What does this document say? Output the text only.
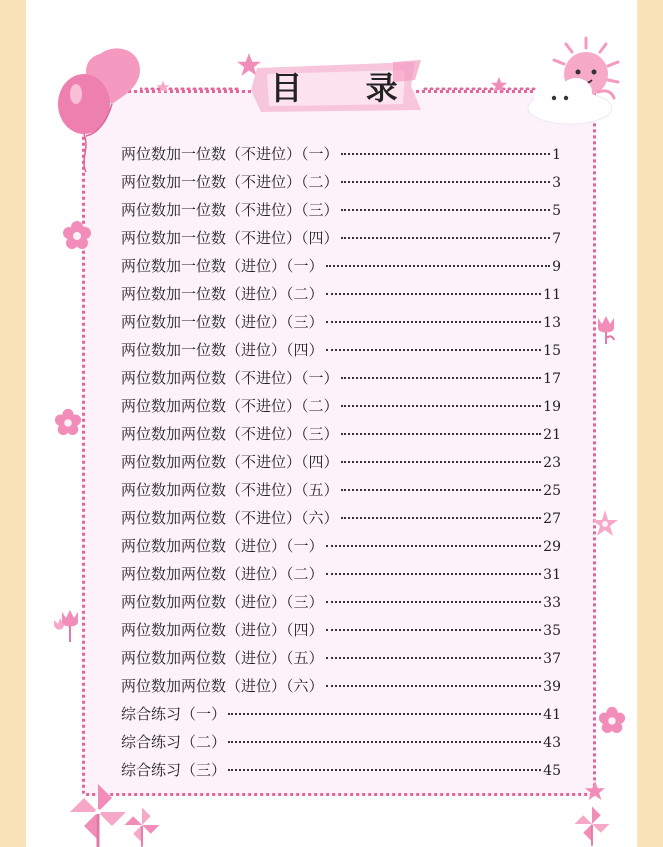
目 录
两位数加一位数（不进位）（一）	1
两位数加一位数（不进位）（二）	3
两位数加一位数（不进位）（三）	5
两位数加一位数（不进位）（四）	7
两位数加一位数（进位）（一）	9
两位数加一位数（进位）（二）	11
两位数加一位数（进位）（三）	13
两位数加一位数（进位）（四）	15
两位数加两位数（不进位）（一）	17
两位数加两位数（不进位）（二）	19
两位数加两位数（不进位）（三）	21
两位数加两位数（不进位）（四）	23
两位数加两位数（不进位）（五）	25
两位数加两位数（不进位）（六）	27
两位数加两位数（进位）（一）	29
两位数加两位数（进位）（二）	31
两位数加两位数（进位）（三）	33
两位数加两位数（进位）（四）	35
两位数加两位数（进位）（五）	37
两位数加两位数（进位）（六）	39
综合练习（一）	41
综合练习（二）	43
综合练习（三）	45
